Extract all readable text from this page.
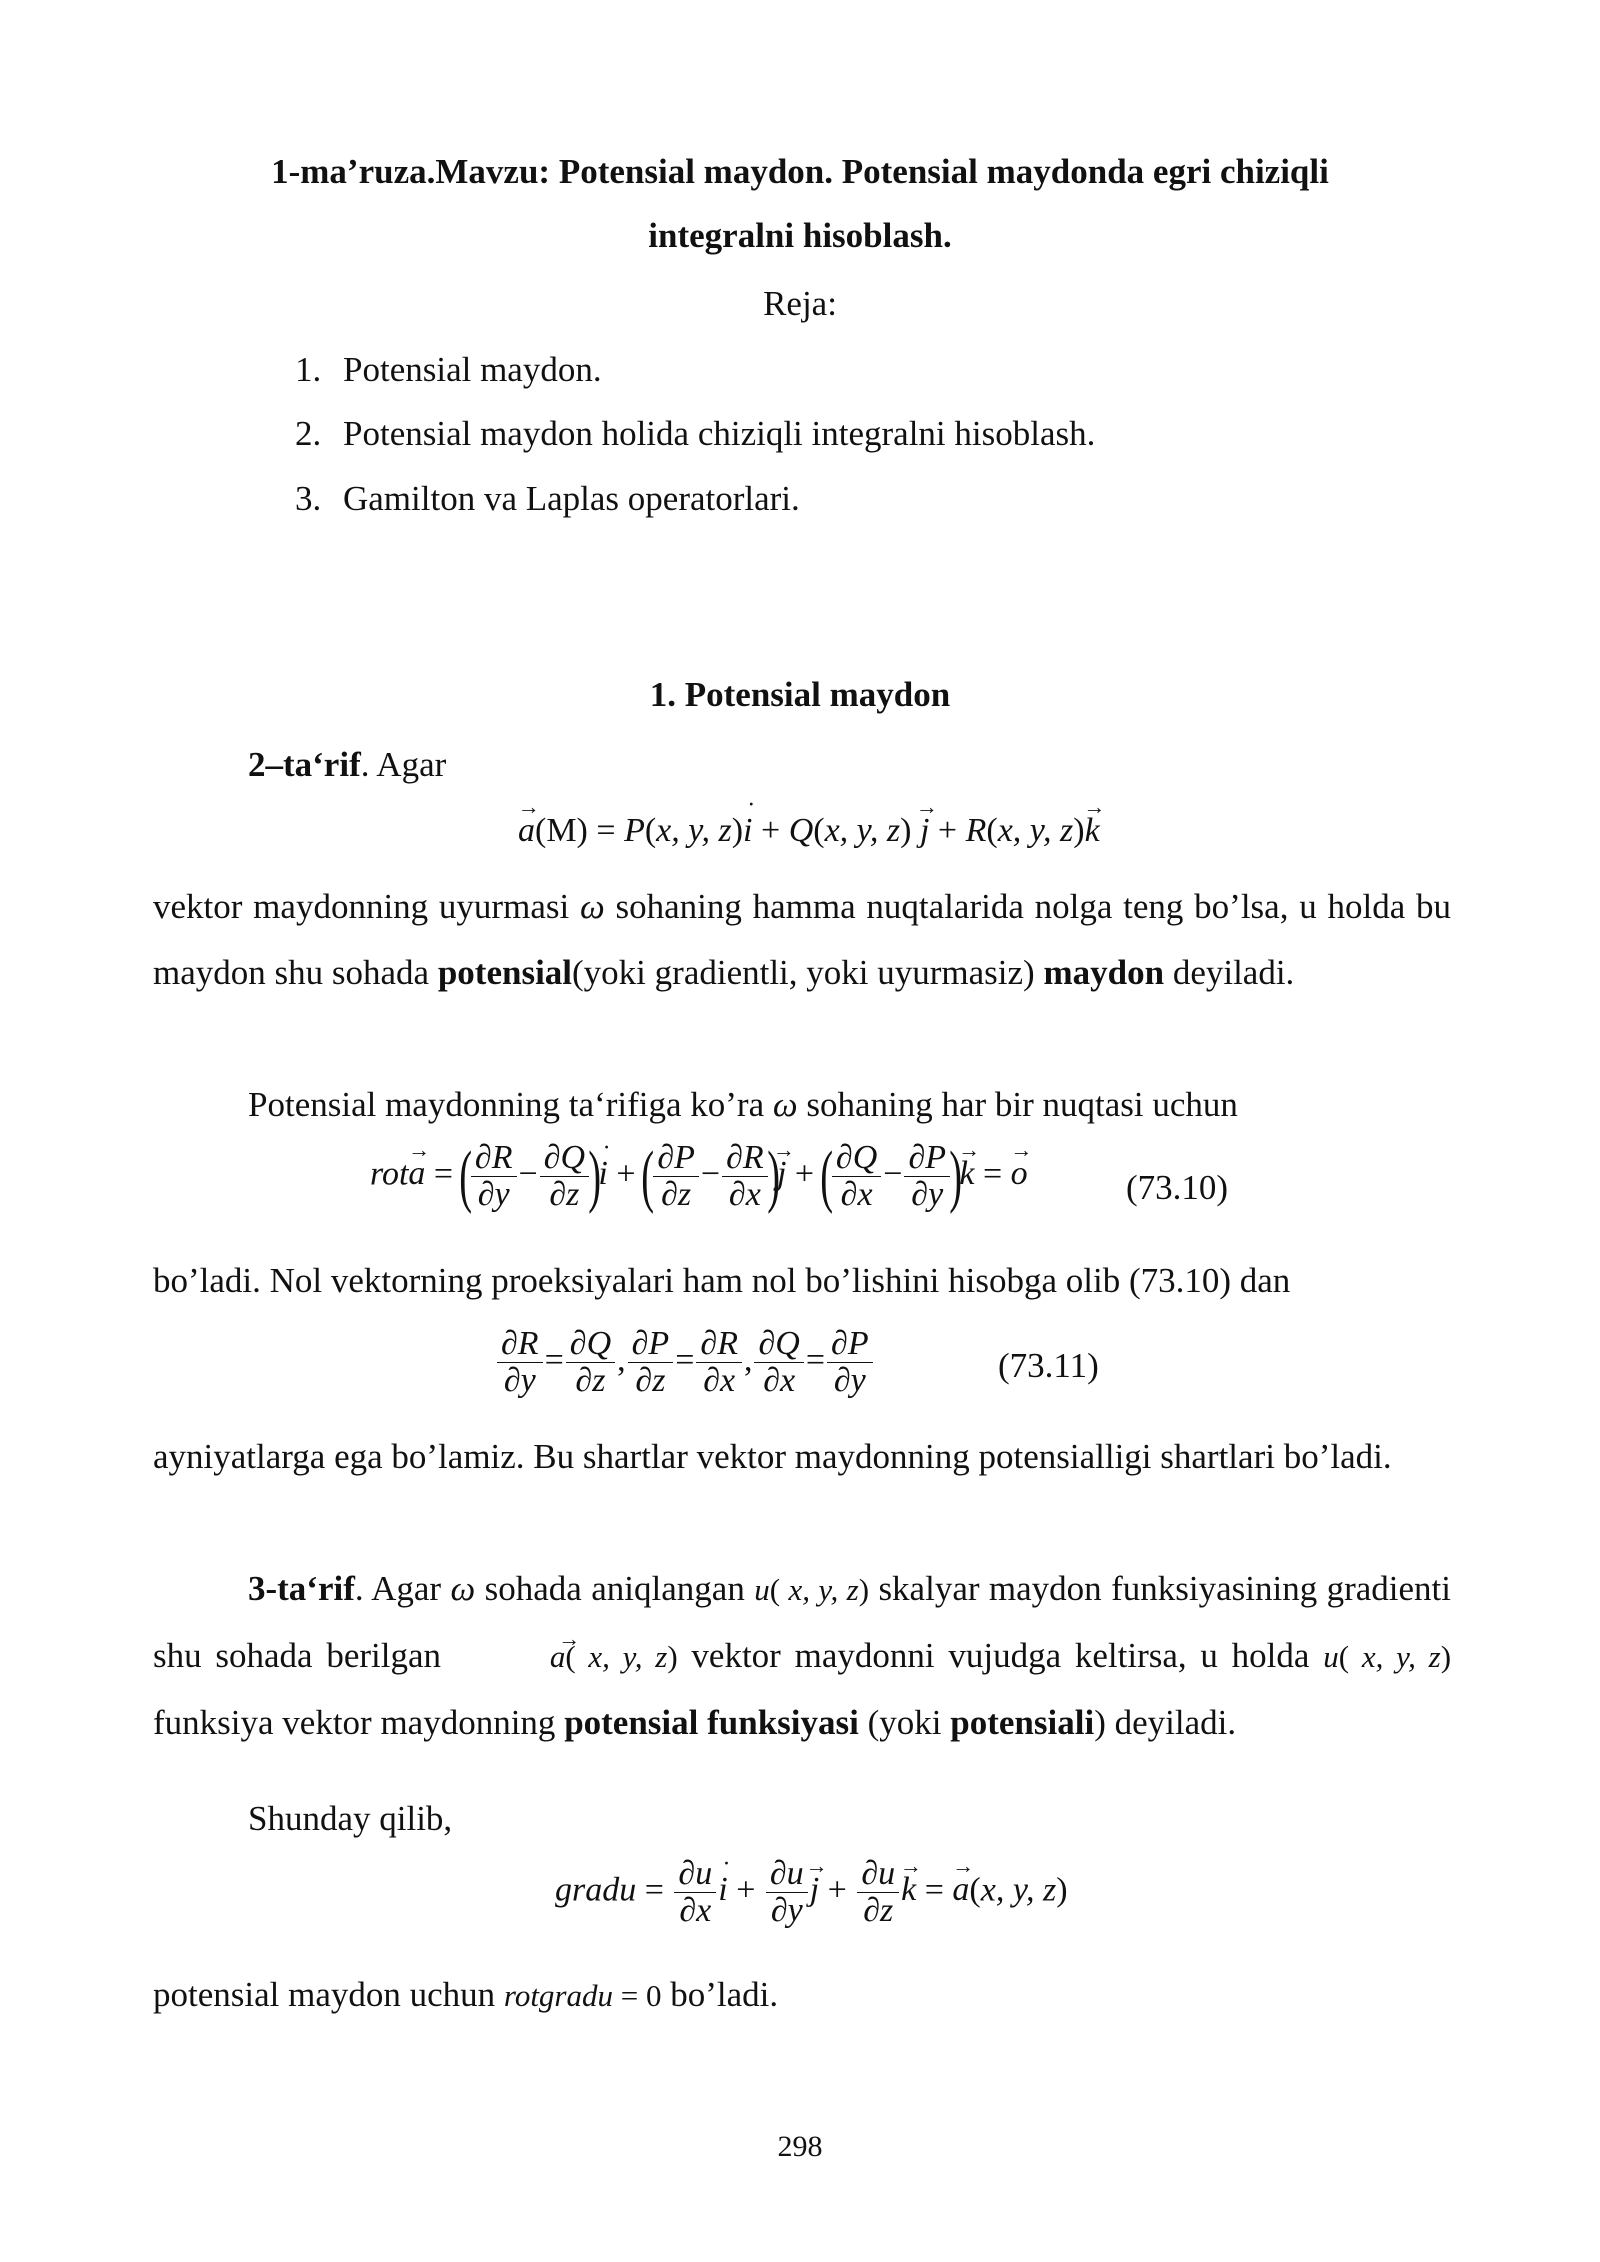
1-ma’ruza.Mavzu: Potensial maydon. Potensial maydonda egri chiziqli
integralni hisoblash.
Reja:
1. Potensial maydon.
2. Potensial maydon holida chiziqli integralni hisoblash.
3. Gamilton va Laplas operatorlari.
1. Potensial maydon
2–ta‘rif. Agar
→ a(M) = P(x, y, z)· i + Q(x, y, z) → j + R(x, y, z)→ k

vektor maydonning uyurmasi ω sohaning hamma nuqtalarida nolga teng bo’lsa, u holda bu maydon shu sohada potensial(yoki gradientli, yoki uyurmasiz) maydon deyiladi.

Potensial maydonning ta‘rifiga ko’ra ω sohaning har bir nuqtasi uchun

rot→ a = ( $\frac{\partial R}{\partial y} - \frac{\partial Q}{\partial z}$ )· i + ( $\frac{\partial P}{\partial z} - \frac{\partial R}{\partial x}$ )→ j + ( $\frac{\partial Q}{\partial x} - \frac{\partial P}{\partial y}$ )→ k = → o	(73.10)

bo’ladi. Nol vektorning proeksiyalari ham nol bo’lishini hisobga olib (73.10) dan

$\frac{\partial R}{\partial y} = \frac{\partial Q}{\partial z}$ , $\frac{\partial P}{\partial z} = \frac{\partial R}{\partial x}$ , $\frac{\partial Q}{\partial x} = \frac{\partial P}{\partial y}$	(73.11)

ayniyatlarga ega bo’lamiz. Bu shartlar vektor maydonning potensialligi shartlari bo’ladi.

3-ta‘rif. Agar ω sohada aniqlangan u( x, y, z) skalyar maydon funksiyasining gradienti shu sohada berilgan →	a( x, y, z) vektor maydonni vujudga keltirsa, u holda u( x, y, z) funksiya vektor maydonning potensial funksiyasi (yoki potensiali) deyiladi.

Shunday qilib,

gradu = $\frac{\partial u}{\partial x}$
· $i + \frac{\partial u}{\partial y}$
→ $j + \frac{\partial u}{\partial z}$
→ k = → a(x, y, z)

potensial maydon uchun rotgradu = 0 bo’ladi.

298
